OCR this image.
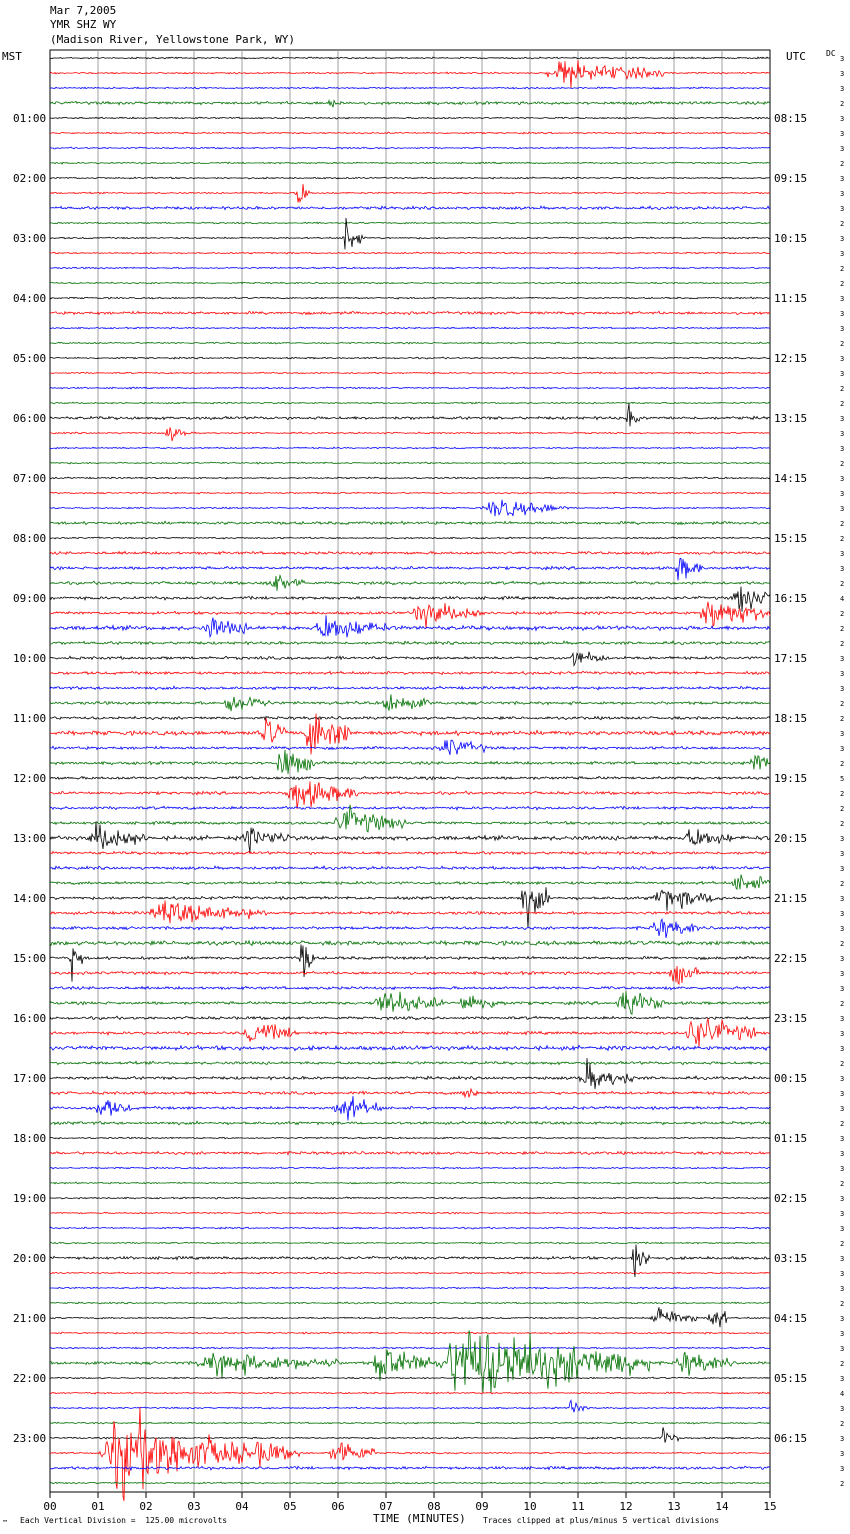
Mar 7,2005
YMR SHZ WY
(Madison River, Yellowstone Park, WY)
MST	UTC	DC
00	01	02	03	04	05	06	07	08	09	10	11	12	13	14	15
3
3
3
2
3
3
3
2
3
3
3
2
3
3
2
2
3
3
3
2
3
3
2
2
3
3
3
2
3
3
3
2
2
3
3
2
4
2
2
2
3
3
3
2
2
3
3
2
5
2
2
2
3
3
3
2
3
3
3
2
3
3
3
2
3
3
3
2
3
3
3
2
3
3
3
2
3
3
3
2
3
3
3
2
3
3
3
2
3
4
3
2
3
3
3
2
01:00
02:00
03:00
04:00
05:00
06:00
07:00
08:00
09:00
10:00
11:00
12:00
13:00
14:00
15:00
16:00
17:00
18:00
19:00
20:00
21:00
22:00
23:00
08:15
09:15
10:15
11:15
12:15
13:15
14:15
15:15
16:15
17:15
18:15
19:15
20:15
21:15
22:15
23:15
00:15
01:15
02:15
03:15
04:15
05:15
06:15
™ Each Vertical Division =  125.00 microvolts	TIME (MINUTES) Traces clipped at plus/minus 5 vertical divisions
